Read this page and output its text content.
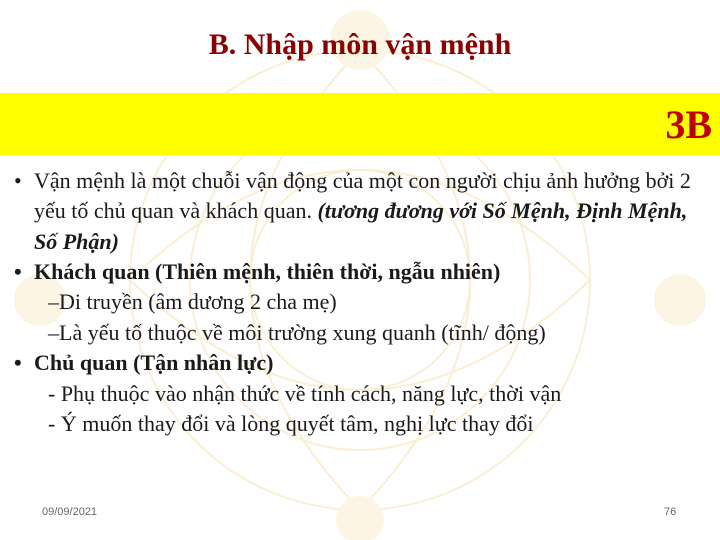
B. Nhập môn vận mệnh
3B
• Vận mệnh là một chuỗi vận động của một con người chịu ảnh hưởng bởi 2 yếu tố chủ quan và khách quan. (tương đương với Số Mệnh, Định Mệnh, Số Phận)
• Khách quan (Thiên mệnh, thiên thời, ngẫu nhiên)
–Di truyền (âm dương 2 cha mẹ)
–Là yếu tố thuộc về môi trường xung quanh (tĩnh/ động)
• Chủ quan (Tận nhân lực)
- Phụ thuộc vào nhận thức về tính cách, năng lực, thời vận
- Ý muốn thay đổi và lòng quyết tâm, nghị lực thay đổi
09/09/2021	76
